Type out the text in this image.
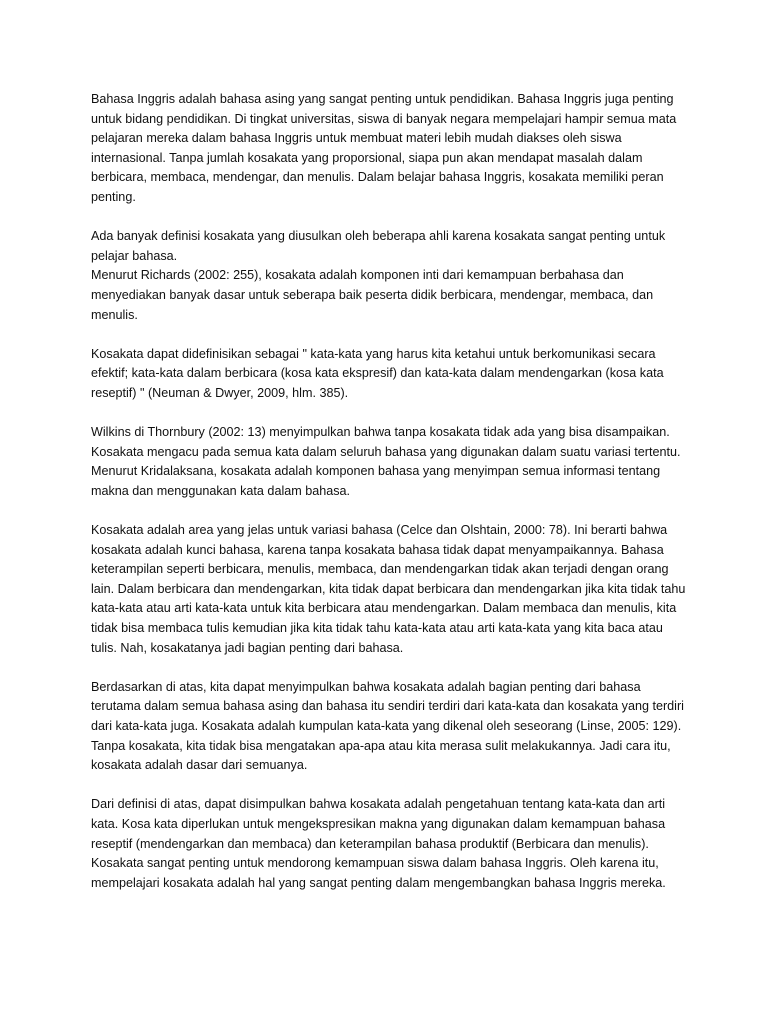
Bahasa Inggris adalah bahasa asing yang sangat penting untuk pendidikan. Bahasa Inggris juga penting untuk bidang pendidikan. Di tingkat universitas, siswa di banyak negara mempelajari hampir semua mata pelajaran mereka dalam bahasa Inggris untuk membuat materi lebih mudah diakses oleh siswa internasional. Tanpa jumlah kosakata yang proporsional, siapa pun akan mendapat masalah dalam berbicara, membaca, mendengar, dan menulis. Dalam belajar bahasa Inggris, kosakata memiliki peran penting.

Ada banyak definisi kosakata yang diusulkan oleh beberapa ahli karena kosakata sangat penting untuk pelajar bahasa.

Menurut Richards (2002: 255), kosakata adalah komponen inti dari kemampuan berbahasa dan menyediakan banyak dasar untuk seberapa baik peserta didik berbicara, mendengar, membaca, dan menulis.

Kosakata dapat didefinisikan sebagai " kata-kata yang harus kita ketahui untuk berkomunikasi secara efektif; kata-kata dalam berbicara (kosa kata ekspresif) dan kata-kata dalam mendengarkan (kosa kata reseptif) " (Neuman & Dwyer, 2009, hlm. 385).

Wilkins di Thornbury (2002: 13) menyimpulkan bahwa tanpa kosakata tidak ada yang bisa disampaikan. Kosakata mengacu pada semua kata dalam seluruh bahasa yang digunakan dalam suatu variasi tertentu. Menurut Kridalaksana, kosakata adalah komponen bahasa yang menyimpan semua informasi tentang makna dan menggunakan kata dalam bahasa.

Kosakata adalah area yang jelas untuk variasi bahasa (Celce dan Olshtain, 2000: 78). Ini berarti bahwa kosakata adalah kunci bahasa, karena tanpa kosakata bahasa tidak dapat menyampaikannya. Bahasa keterampilan seperti berbicara, menulis, membaca, dan mendengarkan tidak akan terjadi dengan orang lain. Dalam berbicara dan mendengarkan, kita tidak dapat berbicara dan mendengarkan jika kita tidak tahu kata-kata atau arti kata-kata untuk kita berbicara atau mendengarkan. Dalam membaca dan menulis, kita tidak bisa membaca tulis kemudian jika kita tidak tahu kata-kata atau arti kata-kata yang kita baca atau tulis. Nah, kosakatanya jadi bagian penting dari bahasa.

Berdasarkan di atas, kita dapat menyimpulkan bahwa kosakata adalah bagian penting dari bahasa terutama dalam semua bahasa asing dan bahasa itu sendiri terdiri dari kata-kata dan kosakata yang terdiri dari kata-kata juga. Kosakata adalah kumpulan kata-kata yang dikenal oleh seseorang (Linse, 2005: 129). Tanpa kosakata, kita tidak bisa mengatakan apa-apa atau kita merasa sulit melakukannya. Jadi cara itu, kosakata adalah dasar dari semuanya.

Dari definisi di atas, dapat disimpulkan bahwa kosakata adalah pengetahuan tentang kata-kata dan arti kata. Kosa kata diperlukan untuk mengekspresikan makna yang digunakan dalam kemampuan bahasa reseptif (mendengarkan dan membaca) dan keterampilan bahasa produktif (Berbicara dan menulis). Kosakata sangat penting untuk mendorong kemampuan siswa dalam bahasa Inggris. Oleh karena itu, mempelajari kosakata adalah hal yang sangat penting dalam mengembangkan bahasa Inggris mereka.
